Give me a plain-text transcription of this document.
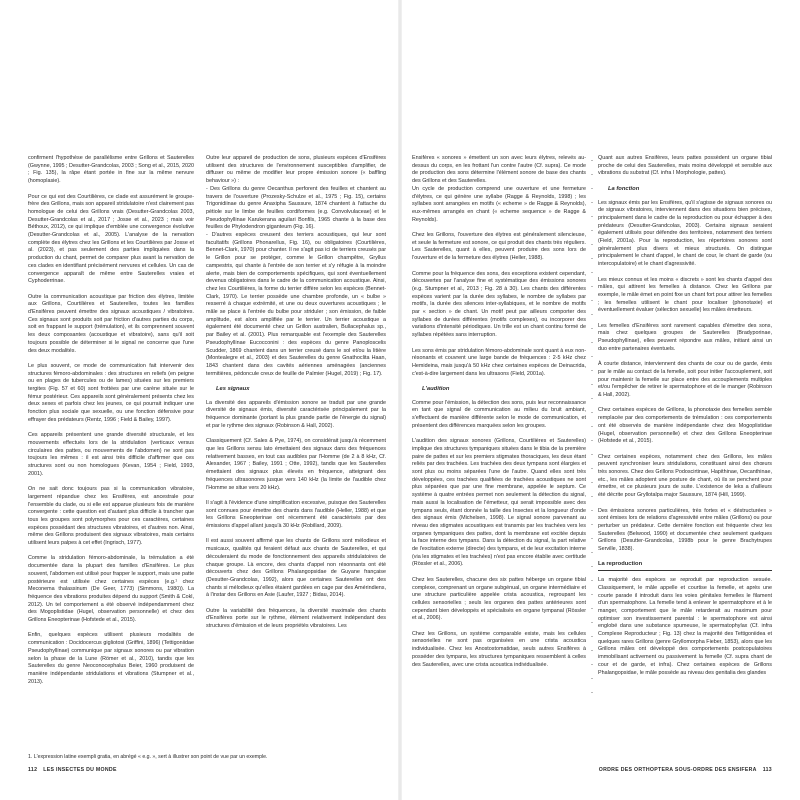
confirment l'hypothèse de parallélisme entre Grillons et Sauterelles (Gwynne, 1995 ; Desutter-Grandcolas, 2003 ; Song et al., 2015, 2020 ; Fig. 135), la râpe étant portée in fine sur la même nervure (homoplasie).

Pour ce qui est des Courtilières, ce clade est assurément le groupe-frère des Grillons, mais son appareil stridulatoire n'est clairement pas homologue de celui des Grillons vrais (Desutter-Grandcolas 2003, Desutter-Grandcolas et al., 2017 ; Josse et al., 2023 ; mais voir Béthoux, 2012), ce qui implique d'emblée une convergence évolutive (Desutter-Grandcolas et al., 2005). L'analyse de la nervation complète des élytres chez les Grillons et les Courtilières par Josse et al. (2023), et pas seulement des parties impliquées dans la production du chant, permet de comparer plus avant la nervation de ces clades en identifiant précisément nervures et cellules. Un cas de convergence apparaît de même entre Sauterelles vraies et Cyphoderrinae.

Outre la communication acoustique par friction des élytres, limitée aux Grillons, Courtilières et Sauterelles, toutes les familles d'Ensifères peuvent émettre des signaux acoustiques / vibratoires. Ces signaux sont produits soit par friction d'autres parties du corps, soit en frappant le support (trémulation), et ils comprennent souvent les deux composantes (acoustique et vibratoire), sans qu'il soit toujours possible de déterminer si le signal ne concerne que l'une des deux modalités.

Le plus souvent, ce mode de communication fait intervenir des structures fémoro-abdominales : des structures en reliefs (en peigne ou en plages de tubercules ou de lames) situées sur les premiers tergites (Fig. 57 et 60) sont frottées par une carène située sur le fémur postérieur. Ces appareils sont généralement présents chez les deux sexes et parfois chez les jeunes, ce qui pourrait indiquer une fonction plus sociale que sexuelle, ou une fonction défensive pour effrayer des prédateurs (Rentz, 1996 ; Field & Bailey, 1997).

Ces appareils présentent une grande diversité structurale, et les mouvements effectués lors de la stridulation (verticaux versus circulaires des pattes, ou mouvements de l'abdomen) ne sont pas toujours les mêmes : il est ainsi très difficile d'affirmer que ces structures sont ou non homologues (Kevan, 1954 ; Field, 1993, 2001).

On ne sait donc toujours pas si la communication vibratoire, largement répandue chez les Ensifères, est ancestrale pour l'ensemble du clade, ou si elle est apparue plusieurs fois de manière convergente : cette question est d'autant plus difficile à trancher que tous les groupes sont polymorphes pour ces caractères, certaines espèces possédant des structures vibratoires, et d'autres non. Ainsi, même des Grillons produisent des signaux vibratoires, mais certains utilisent leurs palpes à cet effet (Ingrisch, 1977).

Comme la stridulation fémoro-abdominale, la trémulation a été documentée dans la plupart des familles d'Ensifères. Le plus souvent, l'abdomen est utilisé pour frapper le support, mais une patte postérieure est utilisée chez certaines espèces (e.g.¹ chez Meconema thalassinum (De Geer, 1773) (Simmons, 1980)). La fréquence des vibrations produites dépend du support (Smith & Cokl, 2012). Un tel comportement a été observé indépendamment chez des Mogoplistidae (Hugel, observation personnelle) et chez des Grillons Eneopterinae (Hofstede et al., 2015).

Enfin, quelques espèces utilisent plusieurs modalités de communication : Docidocercus gigliotosi (Griffini, 1896) (Tettigoniidae Pseudophyllinae) communique par signaux sonores ou par vibration selon la phase de la Lune (Römer et al., 2010), tandis que les Sauterelles du genre Neoconocephalus Beier, 1960 produisent de manière indépendante stridulations et vibrations (Stumpner et al., 2013).

Outre leur appareil de production de sons, plusieurs espèces d'Ensifères utilisent des structures de l'environnement susceptibles d'amplifier, de diffuser ou même de modifier leur propre émission sonore (« baffling behaviour ») :

- Des Grillons du genre Oecanthus perforent des feuilles et chantent au travers de l'ouverture (Prozesky-Schulze et al., 1975 ; Fig. 15), certains Trigonidiinae du genre Anaxipha Saussure, 1874 chantent à l'attache du pétiole sur le limbe de feuilles cordiformes (e.g. Convolvulaceae) et le Pseudophyllinae Karukerana aguilari Bonfils, 1965 chante à la base des feuilles de Phylodendron giganteum (Fig. 16).

- D'autres espèces creusent des terriers acoustiques, qui leur sont facultatifs (Grillons Phonarellus, Fig. 16), ou obligatoires (Courtilières, Bennet-Clark, 1970) pour chanter. Il ne s'agit pas ici de terriers creusés par le Grillon pour se protéger, comme le Grillon champêtre, Gryllus campestris, qui chante à l'entrée de son terrier et s'y réfugie à la moindre alerte, mais bien de comportements spécifiques, qui sont éventuellement devenus obligatoires dans le cadre de la communication acoustique. Ainsi, chez les Courtilières, la forme du terrier diffère selon les espèces (Bennet-Clark, 1970). Le terrier possède une chambre profonde, un « bulbe » resserré à chaque extrémité, et une ou deux ouvertures acoustiques ; le mâle se place à l'entrée du bulbe pour striduler ; son émission, de faible amplitude, est alors amplifiée par le terrier. Un terrier acoustique a également été documenté chez un Grillon australien, Bullacephalus sp., par Bailey et al. (2001). Plus remarquable est l'exemple des Sauterelles Pseudophyllinae Eucocconini : des espèces du genre Panoploscelis Scudder, 1869 chantent dans un terrier creusé dans le sol et/ou la litière (Montealegre et al., 2003) et des Sauterelles du genre Gnathoclita Haan, 1843 chantent dans des cavités aériennes aménagées (anciennes termitières, pédoncule creux de feuille de Palmier (Hugel, 2019) ; Fig. 17).

Les signaux

La diversité des appareils d'émission sonore se traduit par une grande diversité de signaux émis, diversité caractérisée principalement par la fréquence dominante (portant la plus grande partie de l'énergie du signal) et par le rythme des signaux (Robinson & Hall, 2002).

Classiquement (Cf. Sales & Pye, 1974), on considérait jusqu'à récemment que les Grillons sensu lato émettaient des signaux dans des fréquences relativement basses, en tout cas audibles par l'Homme (de 2 à 8 kHz, Cf. Alexander, 1967 ; Bailey, 1991 ; Otte, 1992), tandis que les Sauterelles émettaient des signaux plus élevés en fréquence, atteignant des fréquences ultrasonores jusque vers 140 kHz (la limite de l'audible chez l'Homme se situe vers 20 kHz).

Il s'agit à l'évidence d'une simplification excessive, puisque des Sauterelles sont connues pour émettre des chants dans l'audible (Heller, 1988) et que les Grillons Eneopterinae ont récemment été caractérisés par des émissions d'appel allant jusqu'à 30 kHz (Robillard, 2009).

Il est aussi souvent affirmé que les chants de Grillons sont mélodieux et musicaux, qualités qui feraient défaut aux chants de Sauterelles, et qui découleraient du mode de fonctionnement des appareils stridulatoires de chaque groupe. Là encore, des chants d'appel non résonnants ont été découverts chez des Grillons Phalangopsidae de Guyane française (Desutter-Grandcolas, 1992), alors que certaines Sauterelles ont des chants si mélodieux qu'elles étaient gardées en cage par des Amérindiens, à l'instar des Grillons en Asie (Laufer, 1927 ; Bidau, 2014).

Outre la variabilité des fréquences, la diversité maximale des chants d'Ensifères porte sur le rythme, élément relativement indépendant des structures d'émission et de leurs propriétés vibratoires. Les

Ensifères « sonores » émettent un son avec leurs élytres, relevés au-dessus du corps, en les frottant l'un contre l'autre (Cf. supra). Ce mode de production des sons détermine l'élément sonore de base des chants des Grillons et des Sauterelles.

Un cycle de production comprend une ouverture et une fermeture d'élytres, ce qui génère une syllabe (Ragge & Reynolds, 1998) ; les syllabes sont arrangées en motifs (« echeme » de Ragge & Reynolds), eux-mêmes arrangés en chant (« echeme sequence » de Ragge & Reynolds).

Chez les Grillons, l'ouverture des élytres est généralement silencieuse, et seule la fermeture est sonore, ce qui produit des chants très réguliers. Les Sauterelles, quant à elles, peuvent produire des sons lors de l'ouverture et de la fermeture des élytres (Heller, 1988).

Comme pour la fréquence des sons, des exceptions existent cependant, découvertes par l'analyse fine et systématique des émissions sonores (e.g. Stumpner et al., 2013 ; Fig. 28 à 30). Les chants des différentes espèces varient par la durée des syllabes, le nombre de syllabes par motifs, la durée des silences inter-syllabiques, et le nombre de motifs par « section » de chant. Un motif peut par ailleurs comporter des syllabes de durées différentes (motifs complexes), ou incorporer des variations d'intensité périodiques. Un trille est un chant continu formé de syllabes répétées sans interruption.

Les sons émis par stridulation fémoro-abdominale sont quant à eux non-résonants et couvrent une large bande de fréquences : 2-5 kHz chez Hemideina, mais jusqu'à 50 kHz chez certaines espèces de Deinacrida, c'est-à-dire largement dans les ultrasons (Field, 2001a).

L'audition

Comme pour l'émission, la détection des sons, puis leur reconnaissance en tant que signal de communication au milieu du bruit ambiant, s'effectuent de manière différente selon le mode de communication, et présentent des différences marquées selon les groupes.

L'audition des signaux sonores (Grillons, Courtilières et Sauterelles) implique des structures tympaniques situées dans le tibia de la première paire de pattes et sur les premiers stigmates thoraciques, les deux étant reliés par des trachées. Les trachées des deux tympans sont élargies et sont plus ou moins séparées l'une de l'autre. Quand elles sont très développées, ces trachées qualifiées de trachées acoustiques ne sont plus séparées que par une fine membrane, appelée le septum. Ce système à quatre entrées permet non seulement la détection du signal, mais aussi la localisation de l'émetteur, qui serait impossible avec des tympans seuls, étant donnée la taille des Insectes et la longueur d'onde des signaux émis (Michelsen, 1998). Le signal sonore parvenant au niveau des stigmates acoustiques est transmis par les trachées vers les organes tympaniques des pattes, dont la membrane est excitée depuis la face interne des tympans. Dans la détection du signal, la part relative de l'excitation externe (directe) des tympans, et de leur excitation interne (via les stigmates et les trachées) n'est pas encore établie avec certitude (Rössler et al., 2006).

Chez les Sauterelles, chacune des six pattes héberge un organe tibial complexe, comprenant un organe subgénual, un organe intermédiaire et une structure particulière appelée crista acoustica, regroupant les cellules sensorielles ; seuls les organes des pattes antérieures sont cependant bien développés et spécialisés en organe tympanal (Rössler et al., 2006).

Chez les Grillons, un système comparable existe, mais les cellules sensorielles ne sont pas organisées en une crista acoustica individualisée. Chez les Anostostomatidae, seuls autres Ensifères à posséder des tympans, les structures tympaniques ressemblent à celles des Sauterelles, avec une crista acoustica individualisée.

Quant aux autres Ensifères, leurs pattes possèdent un organe tibial proche de celui des Sauterelles, mais moins développé et sensible aux vibrations du substrat (Cf. infra I Morphologie, pattes).

La fonction

Les signaux émis par les Ensifères, qu'il s'agisse de signaux sonores ou de signaux vibratoires, interviennent dans des situations bien précises, principalement dans le cadre de la reproduction ou pour échapper à des prédateurs (Desutter-Grandcolas, 2003). Certains signaux seraient également utilisés pour défendre des territoires, notamment des terriers (Field, 2001a). Pour la reproduction, les répertoires sonores sont généralement plus divers et mieux structurés. On distingue principalement le chant d'appel, le chant de cour, le chant de garde (ou intercopulatoire) et le chant d'agressivité.

Les mieux connus et les moins « discrets » sont les chants d'appel des mâles, qui attirent les femelles à distance. Chez les Grillons par exemple, le mâle émet en point fixe un chant fort pour attirer les femelles ; les femelles utilisent le chant pour localiser (phonotaxie) et éventuellement évaluer (sélection sexuelle) les mâles émetteurs.

Les femelles d'Ensifères sont rarement capables d'émettre des sons, mais chez quelques groupes de Sauterelles (Bradyporinae, Pseudophyllinae), elles peuvent répondre aux mâles, initiant ainsi un duo entre partenaires éventuels.

À courte distance, interviennent des chants de cour ou de garde, émis par le mâle au contact de la femelle, soit pour initier l'accouplement, soit pour maintenir la femelle sur place entre des accouplements multiples et/ou l'empêcher de retirer le spermatophore et de le manger (Robinson & Hall, 2002).

Chez certaines espèces de Grillons, la phonotaxie des femelles semble remplacée par des comportements de trémulation : ces comportements ont été observés de manière indépendante chez des Mogoplistidae (Hugel, observation personnelle) et chez des Grillons Eneopterinae (Hofstede et al., 2015).

Chez certaines espèces, notamment chez des Grillons, les mâles peuvent synchroniser leurs stridulations, constituant ainsi des chœurs très sonores. Chez des Grillons Podoscirtinae, Hapithinae, Oecanthinae, etc., les mâles adoptent une posture de chant, où ils se penchent pour émettre, et ce plusieurs jours de suite. L'existence de leks a d'ailleurs été décrite pour Gryllotalpa major Saussure, 1874 (Hill, 1999).

Des émissions sonores particulières, très fortes et « déstructurées » sont émises lors de relations d'agressivité entre mâles (Grillons) ou pour perturber un prédateur. Cette dernière fonction est fréquente chez les Sauterelles (Belwood, 1990) et documentée chez seulement quelques Grillons (Desutter-Grandcolas, 1998b pour le genre Brachytrupes Serville, 1838).

La reproduction

La majorité des espèces se reproduit par reproduction sexuée. Classiquement, le mâle appelle et courtise la femelle, et après une courte parade il introduit dans les voies génitales femelles le filament d'un spermatophore. La femelle tend à enlever le spermatophore et à le manger, comportement que le mâle retarderait au maximum pour optimiser son investissement parental : le spermatophore est ainsi englobé dans une substance spumeuse, le spermatophylax (Cf. infra Complexe Reproducteur ; Fig. 13) chez la majorité des Tettigoniidea et quelques rares Grillons (genre Gryllomorpha Fieber, 1853), alors que les Grillons mâles ont développé des comportements postcopulatoires immobilisant activement ou passivement la femelle (Cf. supra chant de cour et de garde, et infra). Chez certaines espèces de Grillons Phalangopsidae, le mâle possède au niveau des genitalia des glandes

1. L'expression latine exempli gratia, en abrégé « e.g. », sert à illustrer son point de vue par un exemple.
112 LES INSECTES DU MONDE	ORDRE DES ORTHOPTERA SOUS-ORDRE DES ENSIFERA 113
